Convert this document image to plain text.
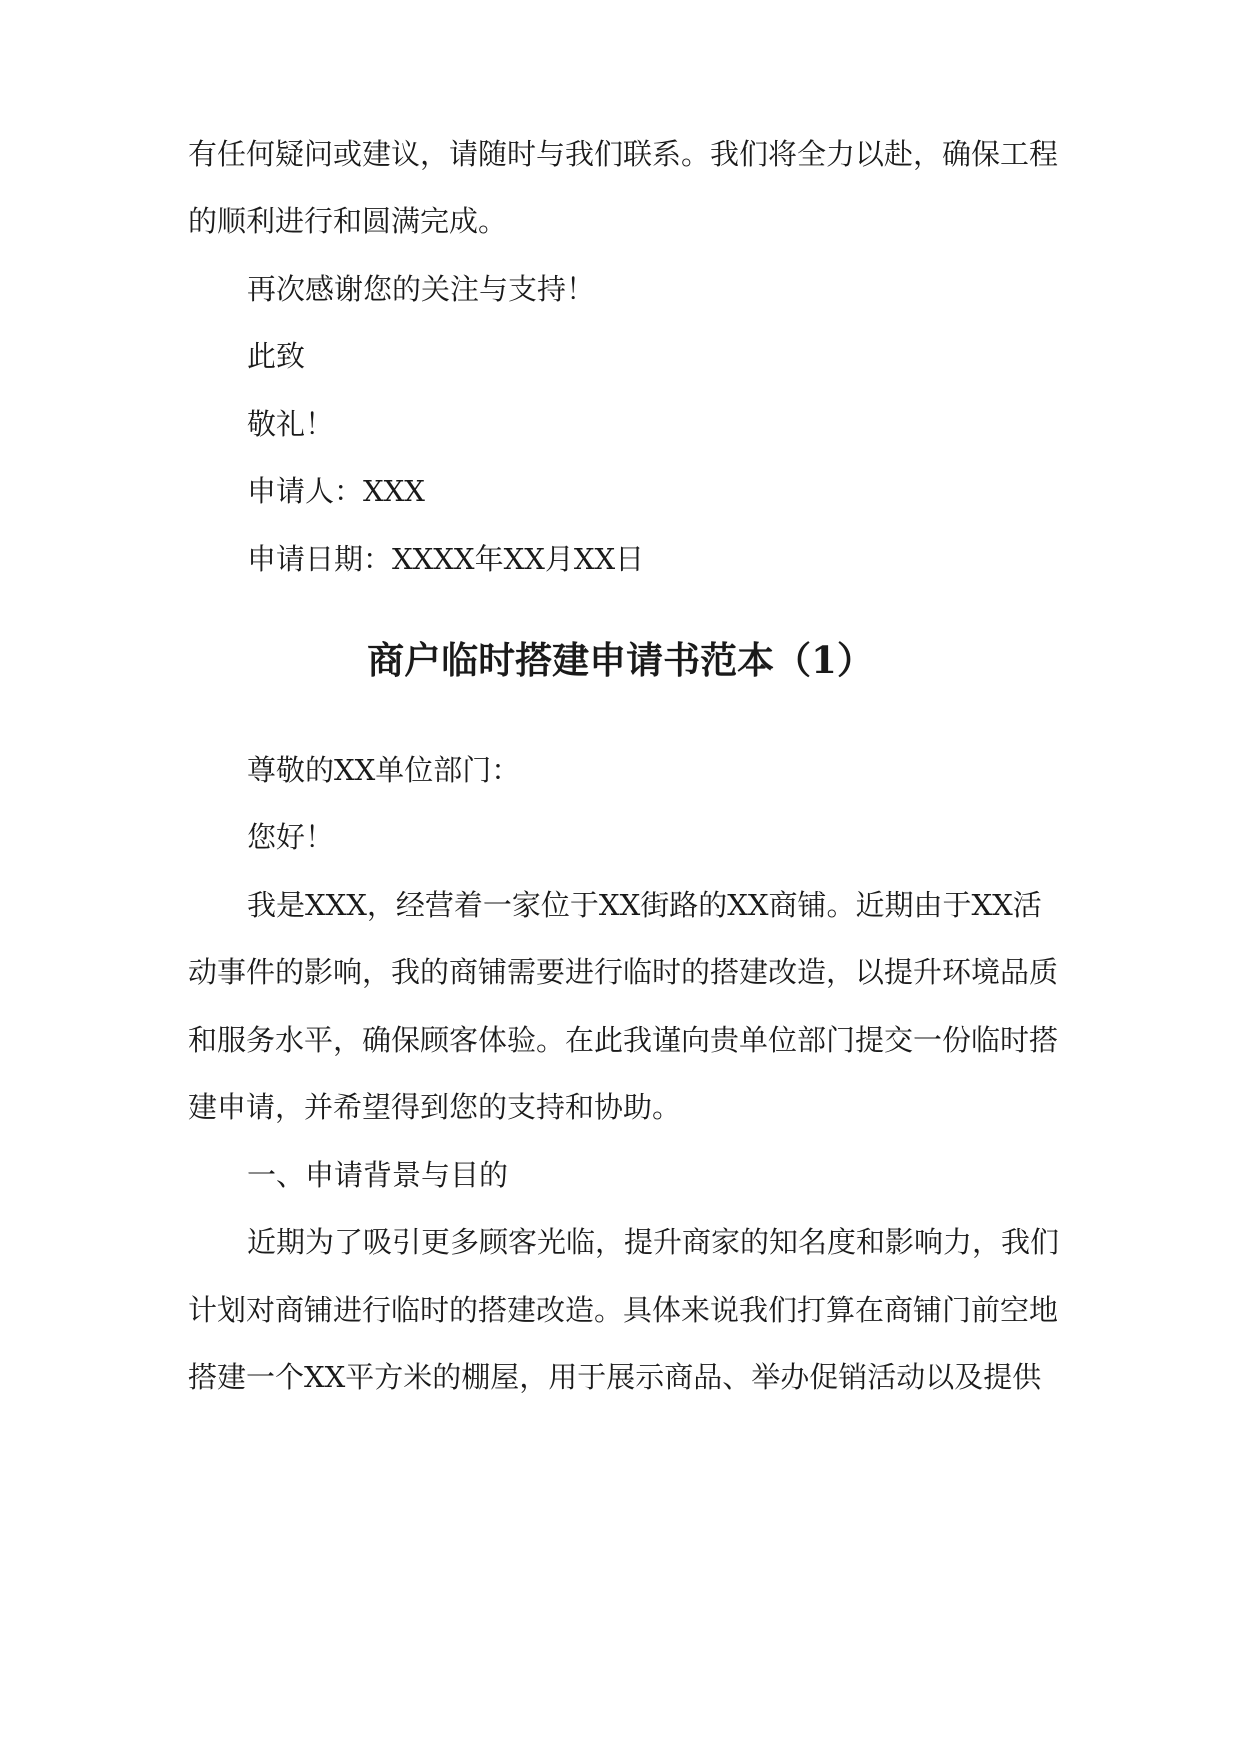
有任何疑问或建议，请随时与我们联系。我们将全力以赴，确保工程
的顺利进行和圆满完成。
再次感谢您的关注与支持！
此致
敬礼！
申请人：XXX
申请日期：XXXX年XX月XX日
商户临时搭建申请书范本（1）
尊敬的XX单位部门：
您好！
我是XXX，经营着一家位于XX街路的XX商铺。近期由于XX活
动事件的影响，我的商铺需要进行临时的搭建改造，以提升环境品质
和服务水平，确保顾客体验。在此我谨向贵单位部门提交一份临时搭
建申请，并希望得到您的支持和协助。
一、申请背景与目的
近期为了吸引更多顾客光临，提升商家的知名度和影响力，我们
计划对商铺进行临时的搭建改造。具体来说我们打算在商铺门前空地
搭建一个XX平方米的棚屋，用于展示商品、举办促销活动以及提供
